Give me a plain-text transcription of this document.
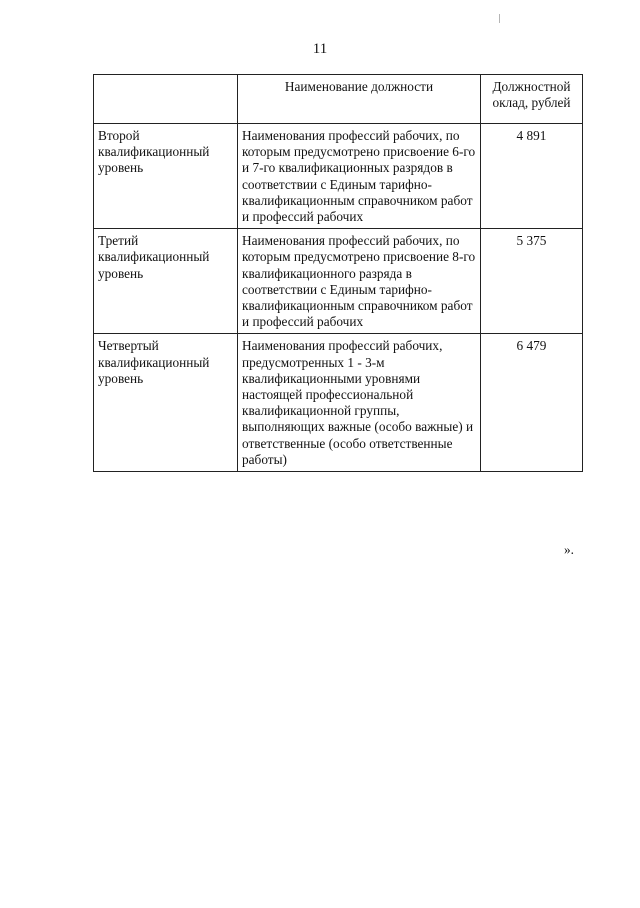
11
	Наименование должности	Должностной оклад, рублей
Второй квалификационный уровень	Наименования профессий рабочих, по которым предусмотрено присвоение 6-го и 7-го квалификационных разрядов в соответствии с Единым тарифно-квалификационным справочником работ и профессий рабочих	4 891
Третий квалификационный уровень	Наименования профессий рабочих, по которым предусмотрено присвоение 8-го квалификационного разряда в соответствии с Единым тарифно-квалификационным справочником работ и профессий рабочих	5 375
Четвертый квалификационный уровень	Наименования профессий рабочих, предусмотренных 1 - 3-м квалификационными уровнями настоящей профессиональной квалификационной группы, выполняющих важные (особо важные) и ответственные (особо ответственные работы)	6 479
».
